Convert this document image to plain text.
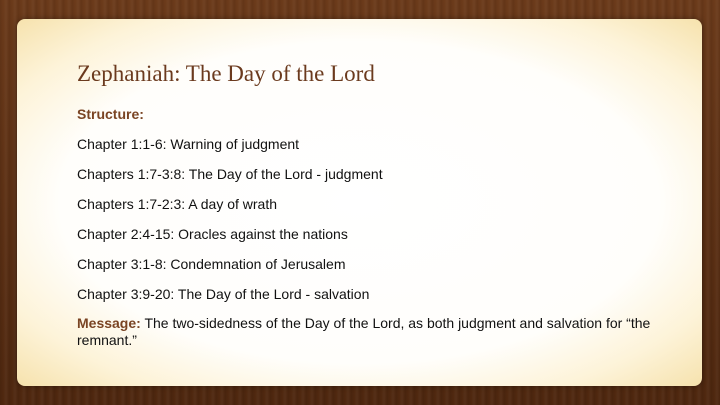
Zephaniah: The Day of the Lord
Structure:
Chapter 1:1-6: Warning of judgment
Chapters 1:7-3:8: The Day of the Lord - judgment
Chapters 1:7-2:3: A day of wrath
Chapter 2:4-15: Oracles against the nations
Chapter 3:1-8: Condemnation of Jerusalem
Chapter 3:9-20: The Day of the Lord - salvation
Message: The two-sidedness of the Day of the Lord, as both judgment and salvation for “the remnant.”
